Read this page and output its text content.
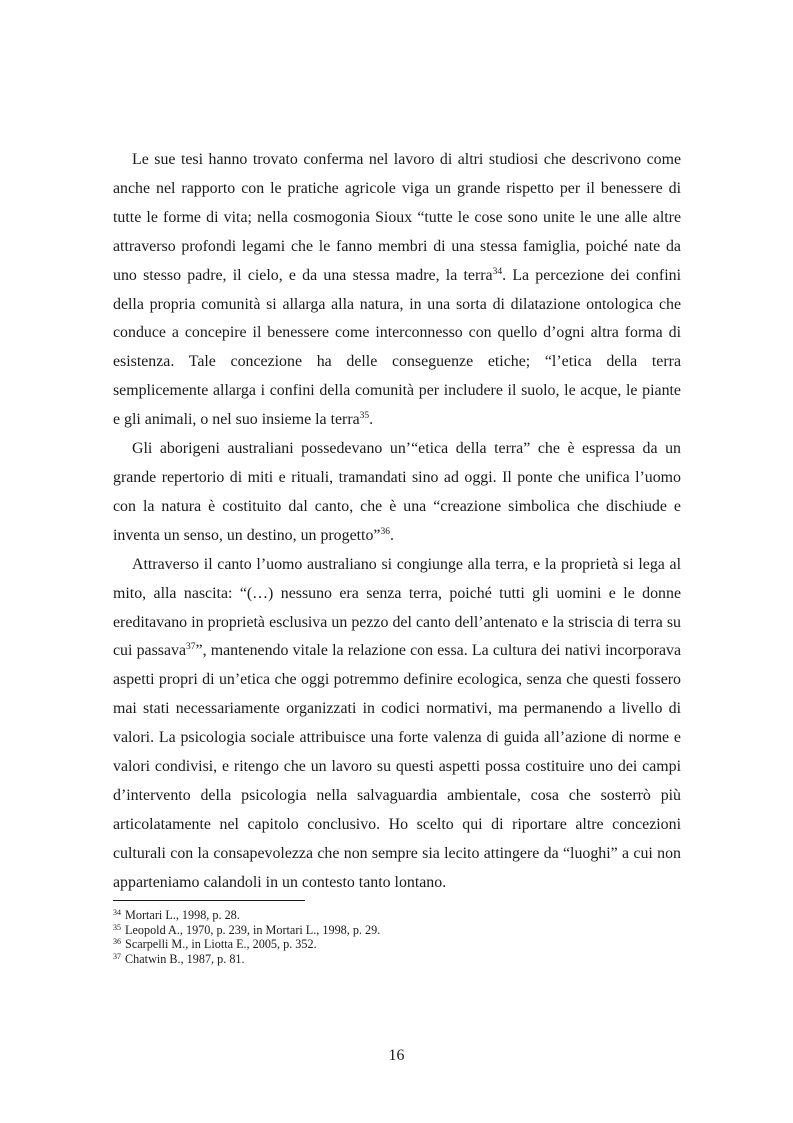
Le sue tesi hanno trovato conferma nel lavoro di altri studiosi che descrivono come anche nel rapporto con le pratiche agricole viga un grande rispetto per il benessere di tutte le forme di vita; nella cosmogonia Sioux “tutte le cose sono unite le une alle altre attraverso profondi legami che le fanno membri di una stessa famiglia, poiché nate da uno stesso padre, il cielo, e da una stessa madre, la terra$^{34}$. La percezione dei confini della propria comunità si allarga alla natura, in una sorta di dilatazione ontologica che conduce a concepire il benessere come interconnesso con quello d’ogni altra forma di esistenza. Tale concezione ha delle conseguenze etiche; “l’etica della terra semplicemente allarga i confini della comunità per includere il suolo, le acque, le piante e gli animali, o nel suo insieme la terra$^{35}$.

Gli aborigeni australiani possedevano un’“etica della terra” che è espressa da un grande repertorio di miti e rituali, tramandati sino ad oggi. Il ponte che unifica l’uomo con la natura è costituito dal canto, che è una “creazione simbolica che dischiude e inventa un senso, un destino, un progetto”$^{36}$.

Attraverso il canto l’uomo australiano si congiunge alla terra, e la proprietà si lega al mito, alla nascita: “(…) nessuno era senza terra, poiché tutti gli uomini e le donne ereditavano in proprietà esclusiva un pezzo del canto dell’antenato e la striscia di terra su cui passava$^{37}$”, mantenendo vitale la relazione con essa. La cultura dei nativi incorporava aspetti propri di un’etica che oggi potremmo definire ecologica, senza che questi fossero mai stati necessariamente organizzati in codici normativi, ma permanendo a livello di valori. La psicologia sociale attribuisce una forte valenza di guida all’azione di norme e valori condivisi, e ritengo che un lavoro su questi aspetti possa costituire uno dei campi d’intervento della psicologia nella salvaguardia ambientale, cosa che sosterrò più articolatamente nel capitolo conclusivo. Ho scelto qui di riportare altre concezioni culturali con la consapevolezza che non sempre sia lecito attingere da “luoghi” a cui non apparteniamo calandoli in un contesto tanto lontano.

$^{34}$ Mortari L., 1998, p. 28.
$^{35}$ Leopold A., 1970, p. 239, in Mortari L., 1998, p. 29.
$^{36}$ Scarpelli M., in Liotta E., 2005, p. 352.
$^{37}$ Chatwin B., 1987, p. 81.
16
